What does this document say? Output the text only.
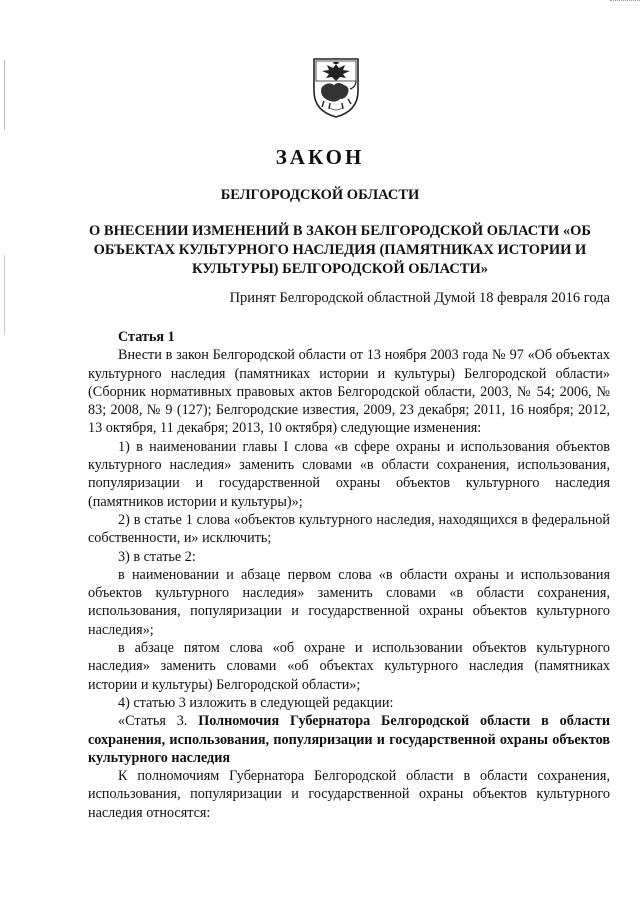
ЗАКОН
БЕЛГОРОДСКОЙ ОБЛАСТИ
О ВНЕСЕНИИ ИЗМЕНЕНИЙ В ЗАКОН БЕЛГОРОДСКОЙ ОБЛАСТИ «ОБ ОБЪЕКТАХ КУЛЬТУРНОГО НАСЛЕДИЯ (ПАМЯТНИКАХ ИСТОРИИ И КУЛЬТУРЫ) БЕЛГОРОДСКОЙ ОБЛАСТИ»
Принят Белгородской областной Думой 18 февраля 2016 года

Статья 1

Внести в закон Белгородской области от 13 ноября 2003 года № 97 «Об объектах культурного наследия (памятниках истории и культуры) Белгородской области» (Сборник нормативных правовых актов Белгородской области, 2003, № 54; 2006, № 83; 2008, № 9 (127); Белгородские известия, 2009, 23 декабря; 2011, 16 ноября; 2012, 13 октября, 11 декабря; 2013, 10 октября) следующие изменения:

1) в наименовании главы I слова «в сфере охраны и использования объектов культурного наследия» заменить словами «в области сохранения, использования, популяризации и государственной охраны объектов культурного наследия (памятников истории и культуры)»;

2) в статье 1 слова «объектов культурного наследия, находящихся в федеральной собственности, и» исключить;

3) в статье 2:

в наименовании и абзаце первом слова «в области охраны и использования объектов культурного наследия» заменить словами «в области сохранения, использования, популяризации и государственной охраны объектов культурного наследия»;

в абзаце пятом слова «об охране и использовании объектов культурного наследия» заменить словами «об объектах культурного наследия (памятниках истории и культуры) Белгородской области»;

4) статью 3 изложить в следующей редакции:

«Статья 3. Полномочия Губернатора Белгородской области в области сохранения, использования, популяризации и государственной охраны объектов культурного наследия

К полномочиям Губернатора Белгородской области в области сохранения, использования, популяризации и государственной охраны объектов культурного наследия относятся:
